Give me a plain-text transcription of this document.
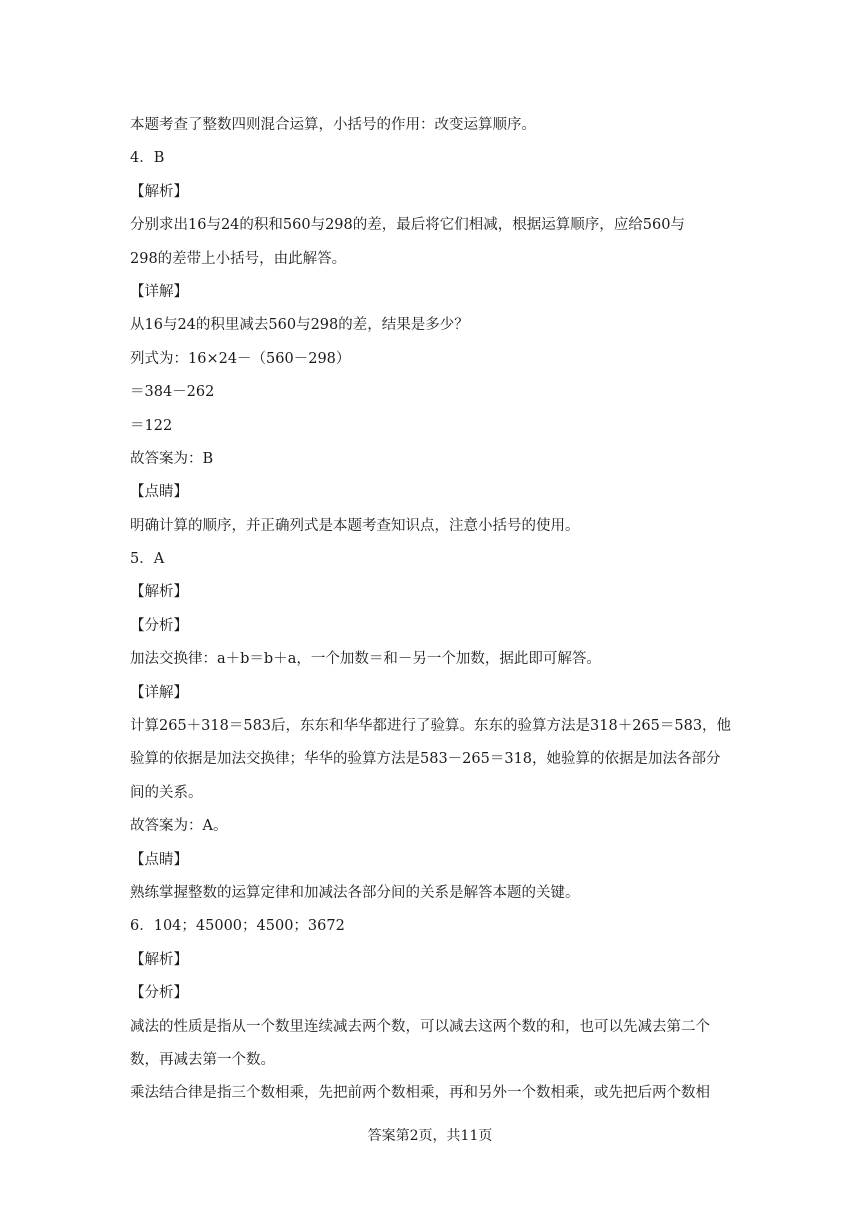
本题考查了整数四则混合运算，小括号的作用：改变运算顺序。
4．B
【解析】
分别求出16与24的积和560与298的差，最后将它们相减，根据运算顺序，应给560与
298的差带上小括号，由此解答。
【详解】
从16与24的积里减去560与298的差，结果是多少？
列式为：16×24－（560－298）
＝384－262
＝122
故答案为：B
【点睛】
明确计算的顺序，并正确列式是本题考查知识点，注意小括号的使用。
5．A
【解析】
【分析】
加法交换律：a＋b＝b＋a，一个加数＝和－另一个加数，据此即可解答。
【详解】
计算265＋318＝583后，东东和华华都进行了验算。东东的验算方法是318＋265＝583，他
验算的依据是加法交换律；华华的验算方法是583－265＝318，她验算的依据是加法各部分
间的关系。
故答案为：A。
【点睛】
熟练掌握整数的运算定律和加减法各部分间的关系是解答本题的关键。
6．104；45000；4500；3672
【解析】
【分析】
减法的性质是指从一个数里连续减去两个数，可以减去这两个数的和，也可以先减去第二个
数，再减去第一个数。
乘法结合律是指三个数相乘，先把前两个数相乘，再和另外一个数相乘，或先把后两个数相
答案第2页，共11页
